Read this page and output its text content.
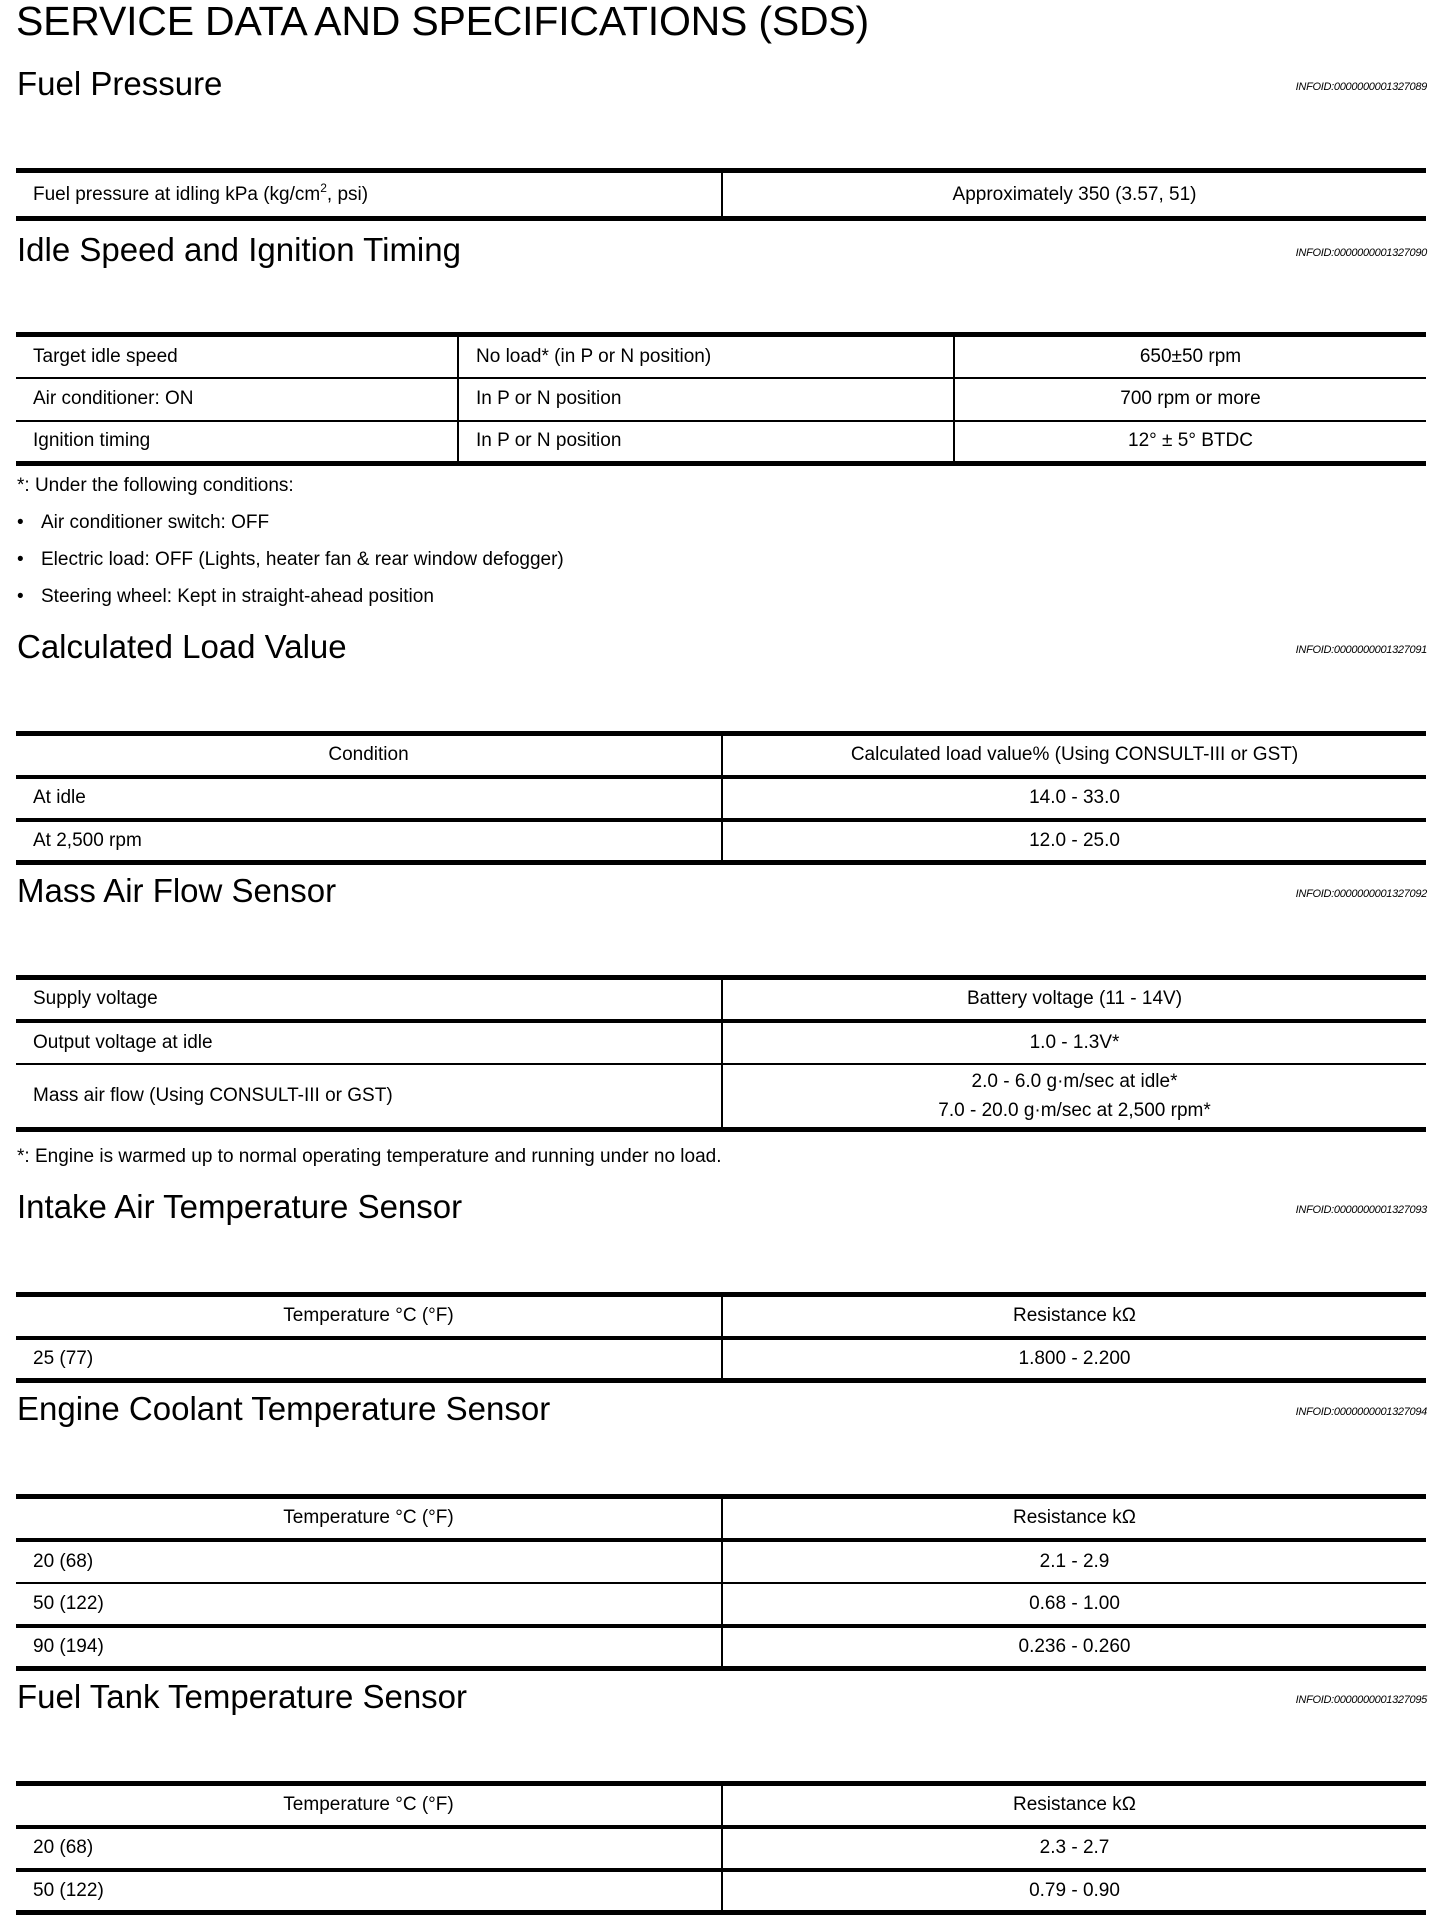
SERVICE DATA AND SPECIFICATIONS (SDS)
Fuel Pressure	INFOID:0000000001327089
Fuel pressure at idling kPa ($kg/cm^2$, psi)	Approximately 350 (3.57, 51)
Idle Speed and Ignition Timing	INFOID:0000000001327090
Target idle speed	No load* (in P or N position)	650±50 rpm
Air conditioner: ON	In P or N position	700 rpm or more
Ignition timing	In P or N position	12° ± 5° BTDC
*: Under the following conditions:
• Air conditioner switch: OFF
• Electric load: OFF (Lights, heater fan & rear window defogger)
• Steering wheel: Kept in straight-ahead position
Calculated Load Value	INFOID:0000000001327091
Condition	Calculated load value% (Using CONSULT-III or GST)
At idle	14.0 - 33.0
At 2,500 rpm	12.0 - 25.0
Mass Air Flow Sensor	INFOID:0000000001327092
Supply voltage	Battery voltage (11 - 14V)
Output voltage at idle	1.0 - 1.3V*
Mass air flow (Using CONSULT-III or GST)	2.0 - 6.0 g·m/sec at idle*
7.0 - 20.0 g·m/sec at 2,500 rpm*
*: Engine is warmed up to normal operating temperature and running under no load.
Intake Air Temperature Sensor	INFOID:0000000001327093
Temperature °C (°F)	Resistance kΩ
25 (77)	1.800 - 2.200
Engine Coolant Temperature Sensor	INFOID:0000000001327094
Temperature °C (°F)	Resistance kΩ
20 (68)	2.1 - 2.9
50 (122)	0.68 - 1.00
90 (194)	0.236 - 0.260
Fuel Tank Temperature Sensor	INFOID:0000000001327095
Temperature °C (°F)	Resistance kΩ
20 (68)	2.3 - 2.7
50 (122)	0.79 - 0.90
